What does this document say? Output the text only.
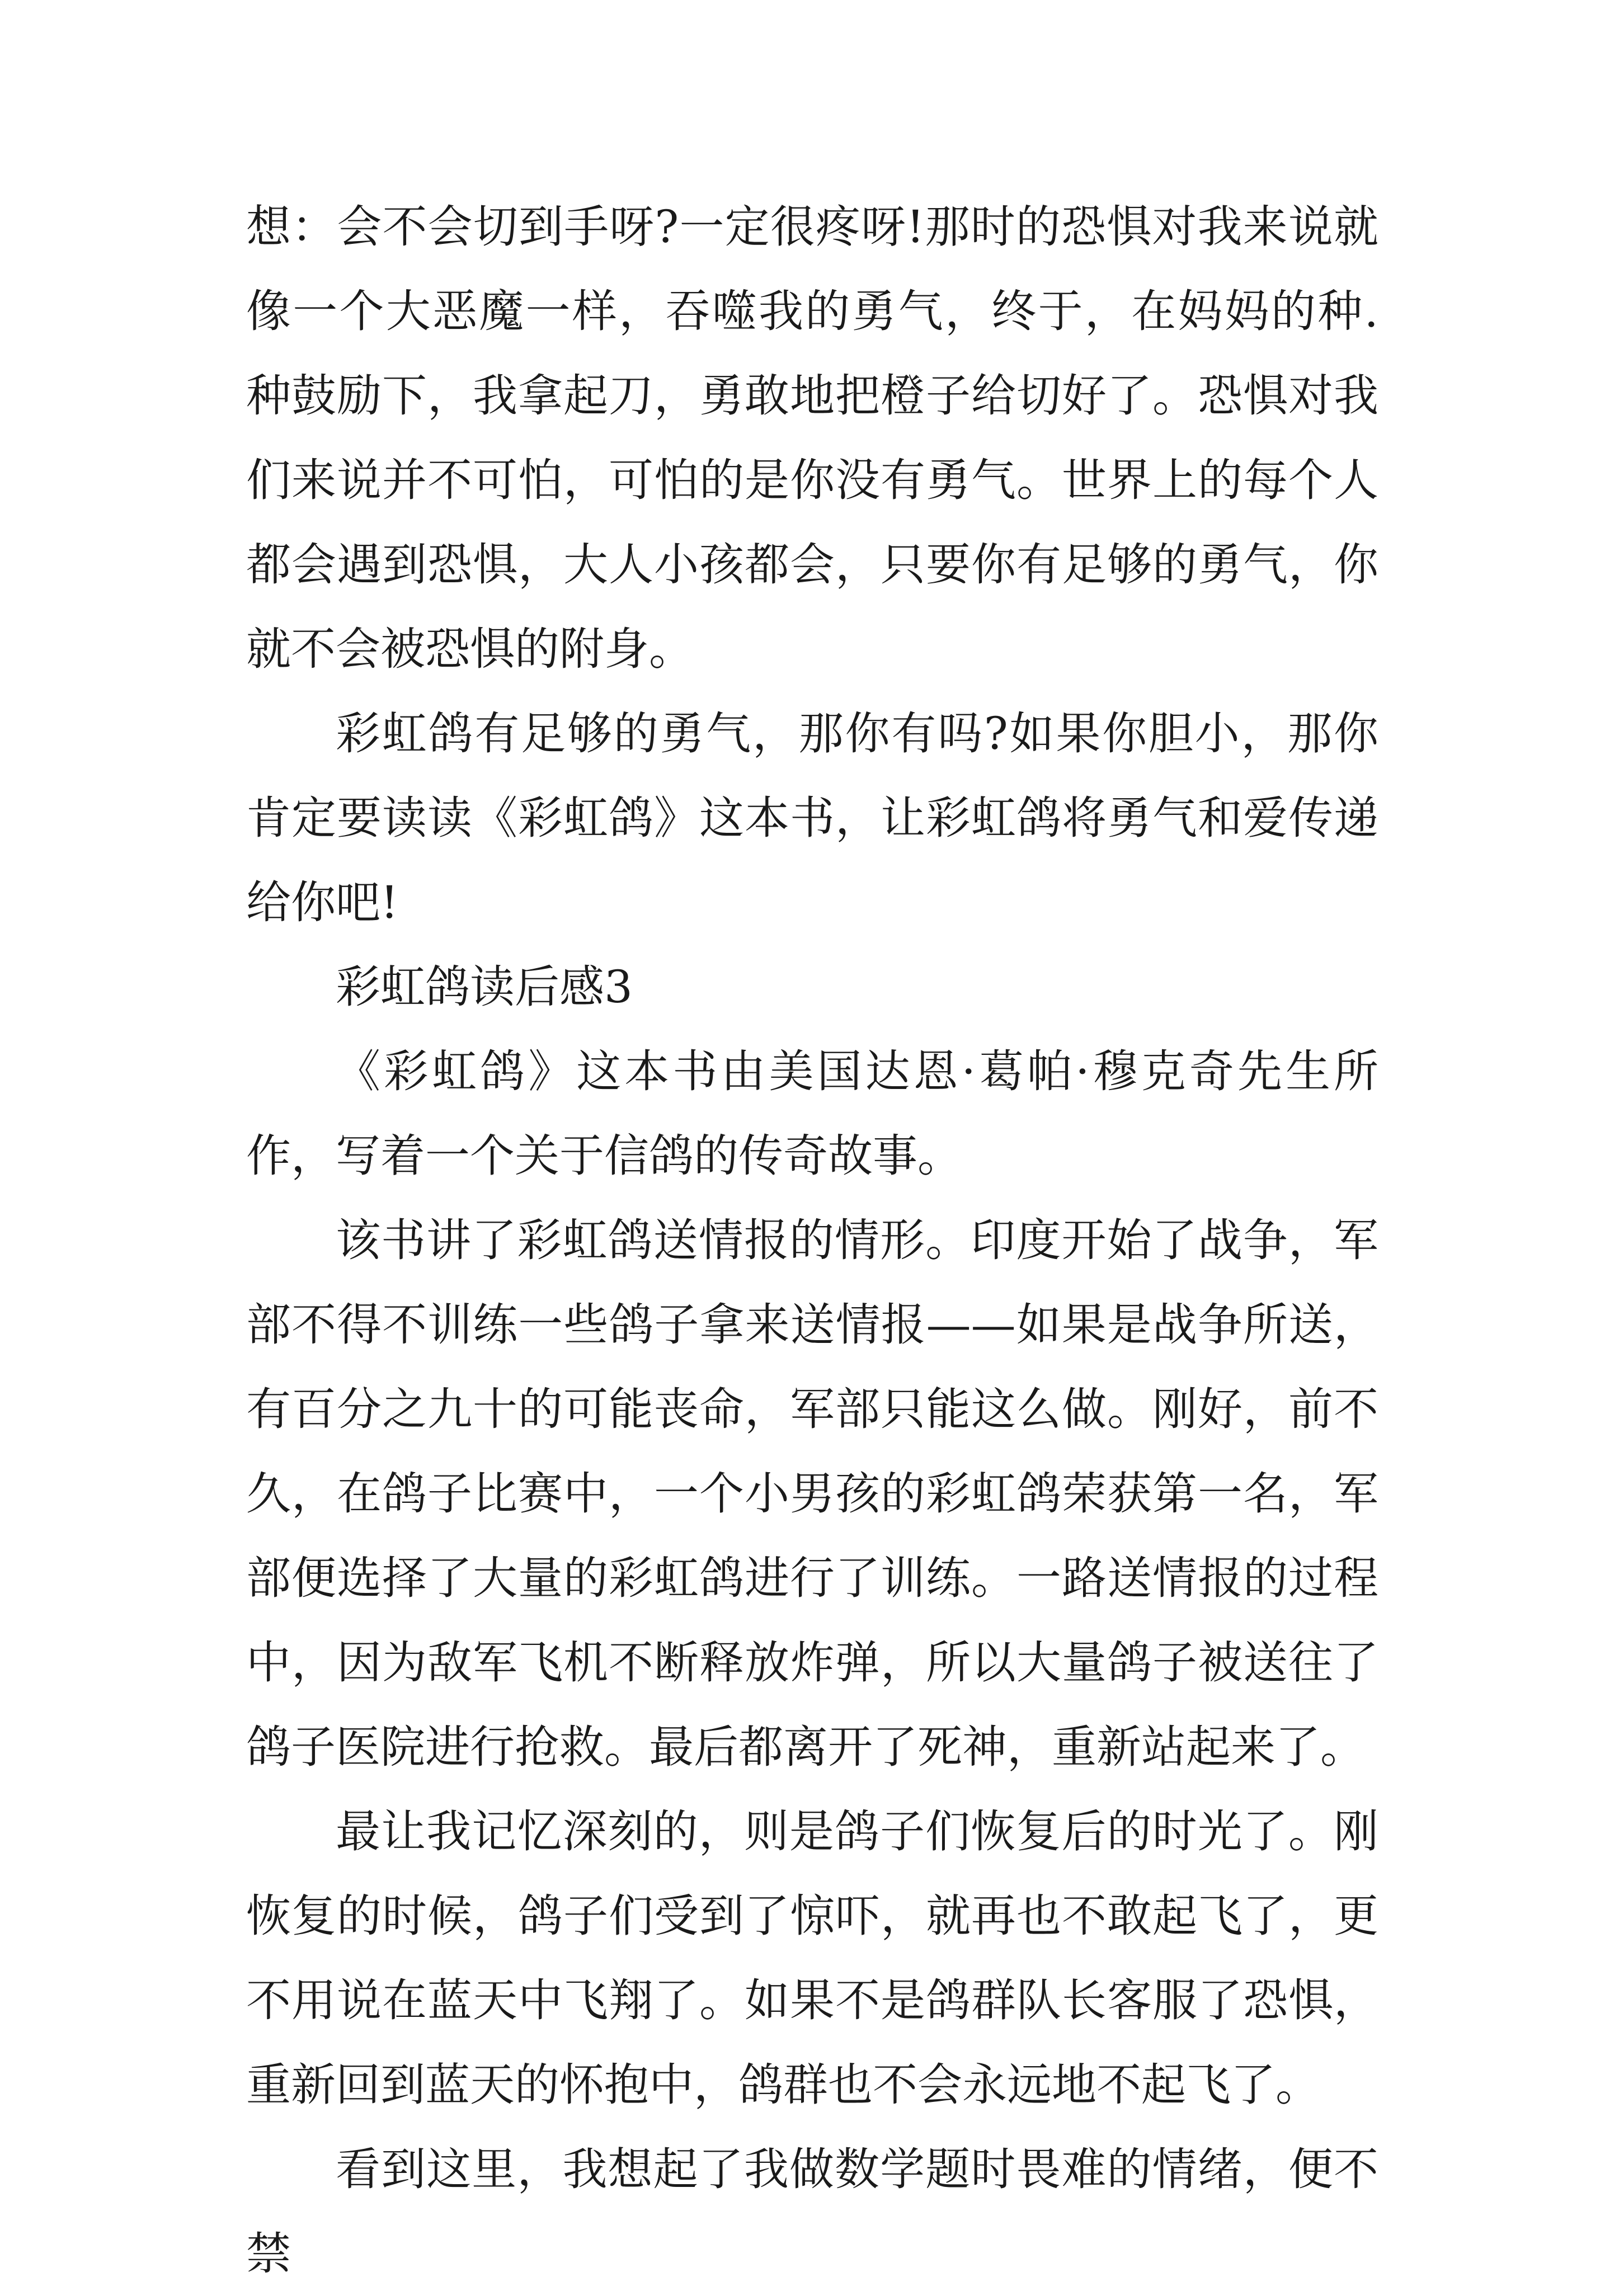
想：会不会切到手呀?一定很疼呀!那时的恐惧对我来说就像一个大恶魔一样，吞噬我的勇气，终于，在妈妈的种.种鼓励下，我拿起刀，勇敢地把橙子给切好了。恐惧对我们来说并不可怕，可怕的是你没有勇气。世界上的每个人都会遇到恐惧，大人小孩都会，只要你有足够的勇气，你就不会被恐惧的附身。

彩虹鸽有足够的勇气，那你有吗?如果你胆小，那你肯定要读读《彩虹鸽》这本书，让彩虹鸽将勇气和爱传递给你吧!

彩虹鸽读后感3

《彩虹鸽》这本书由美国达恩·葛帕·穆克奇先生所作，写着一个关于信鸽的传奇故事。

该书讲了彩虹鸽送情报的情形。印度开始了战争，军部不得不训练一些鸽子拿来送情报——如果是战争所送，有百分之九十的可能丧命，军部只能这么做。刚好，前不久，在鸽子比赛中，一个小男孩的彩虹鸽荣获第一名，军部便选择了大量的彩虹鸽进行了训练。一路送情报的过程中，因为敌军飞机不断释放炸弹，所以大量鸽子被送往了鸽子医院进行抢救。最后都离开了死神，重新站起来了。

最让我记忆深刻的，则是鸽子们恢复后的时光了。刚恢复的时候，鸽子们受到了惊吓，就再也不敢起飞了，更不用说在蓝天中飞翔了。如果不是鸽群队长客服了恐惧，重新回到蓝天的怀抱中，鸽群也不会永远地不起飞了。

看到这里，我想起了我做数学题时畏难的情绪，便不禁
